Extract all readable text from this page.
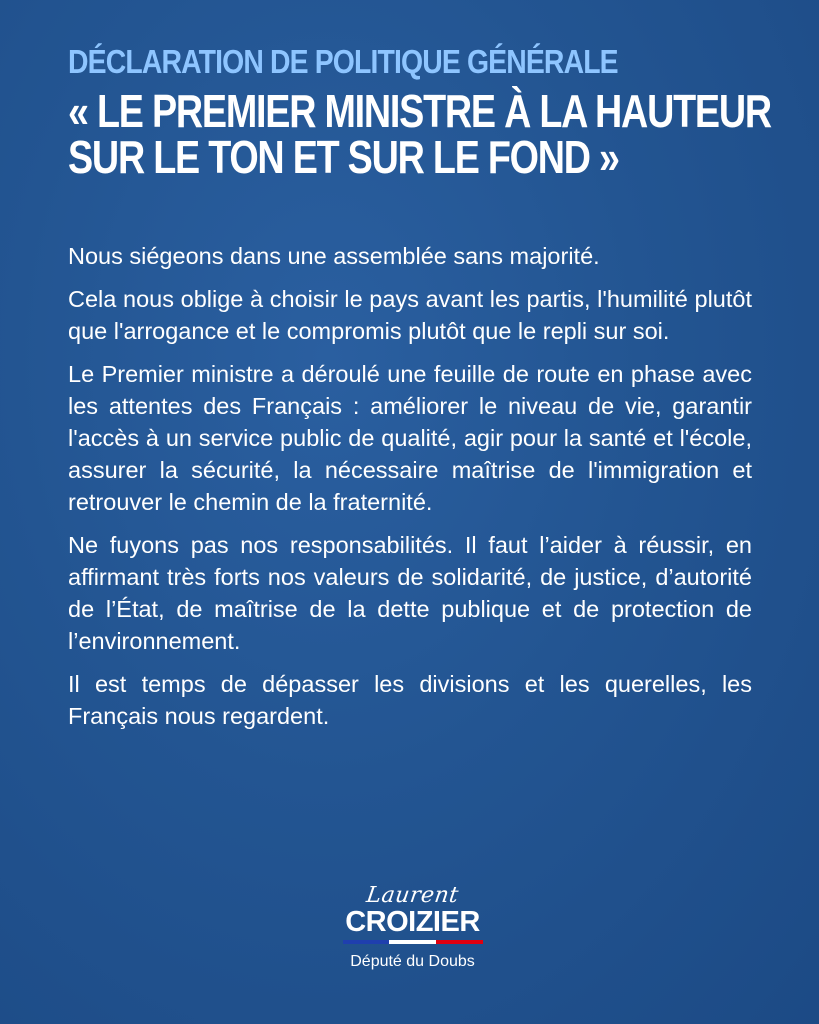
DÉCLARATION DE POLITIQUE GÉNÉRALE
« LE PREMIER MINISTRE À LA HAUTEUR
SUR LE TON ET SUR LE FOND »

Nous siégeons dans une assemblée sans majorité.

Cela nous oblige à choisir le pays avant les partis, l'humilité plutôt que l'arrogance et le compromis plutôt que le repli sur soi.

Le Premier ministre a déroulé une feuille de route en phase avec les attentes des Français : améliorer le niveau de vie, garantir l'accès à un service public de qualité, agir pour la santé et l'école, assurer la sécurité, la nécessaire maîtrise de l'immigration et retrouver le chemin de la fraternité.

Ne fuyons pas nos responsabilités. Il faut l’aider à réussir, en affirmant très forts nos valeurs de solidarité, de justice, d’autorité de l’État, de maîtrise de la dette publique et de protection de l’environnement.

Il est temps de dépasser les divisions et les querelles, les Français nous regardent.

Laurent
CROIZIER
Député du Doubs
